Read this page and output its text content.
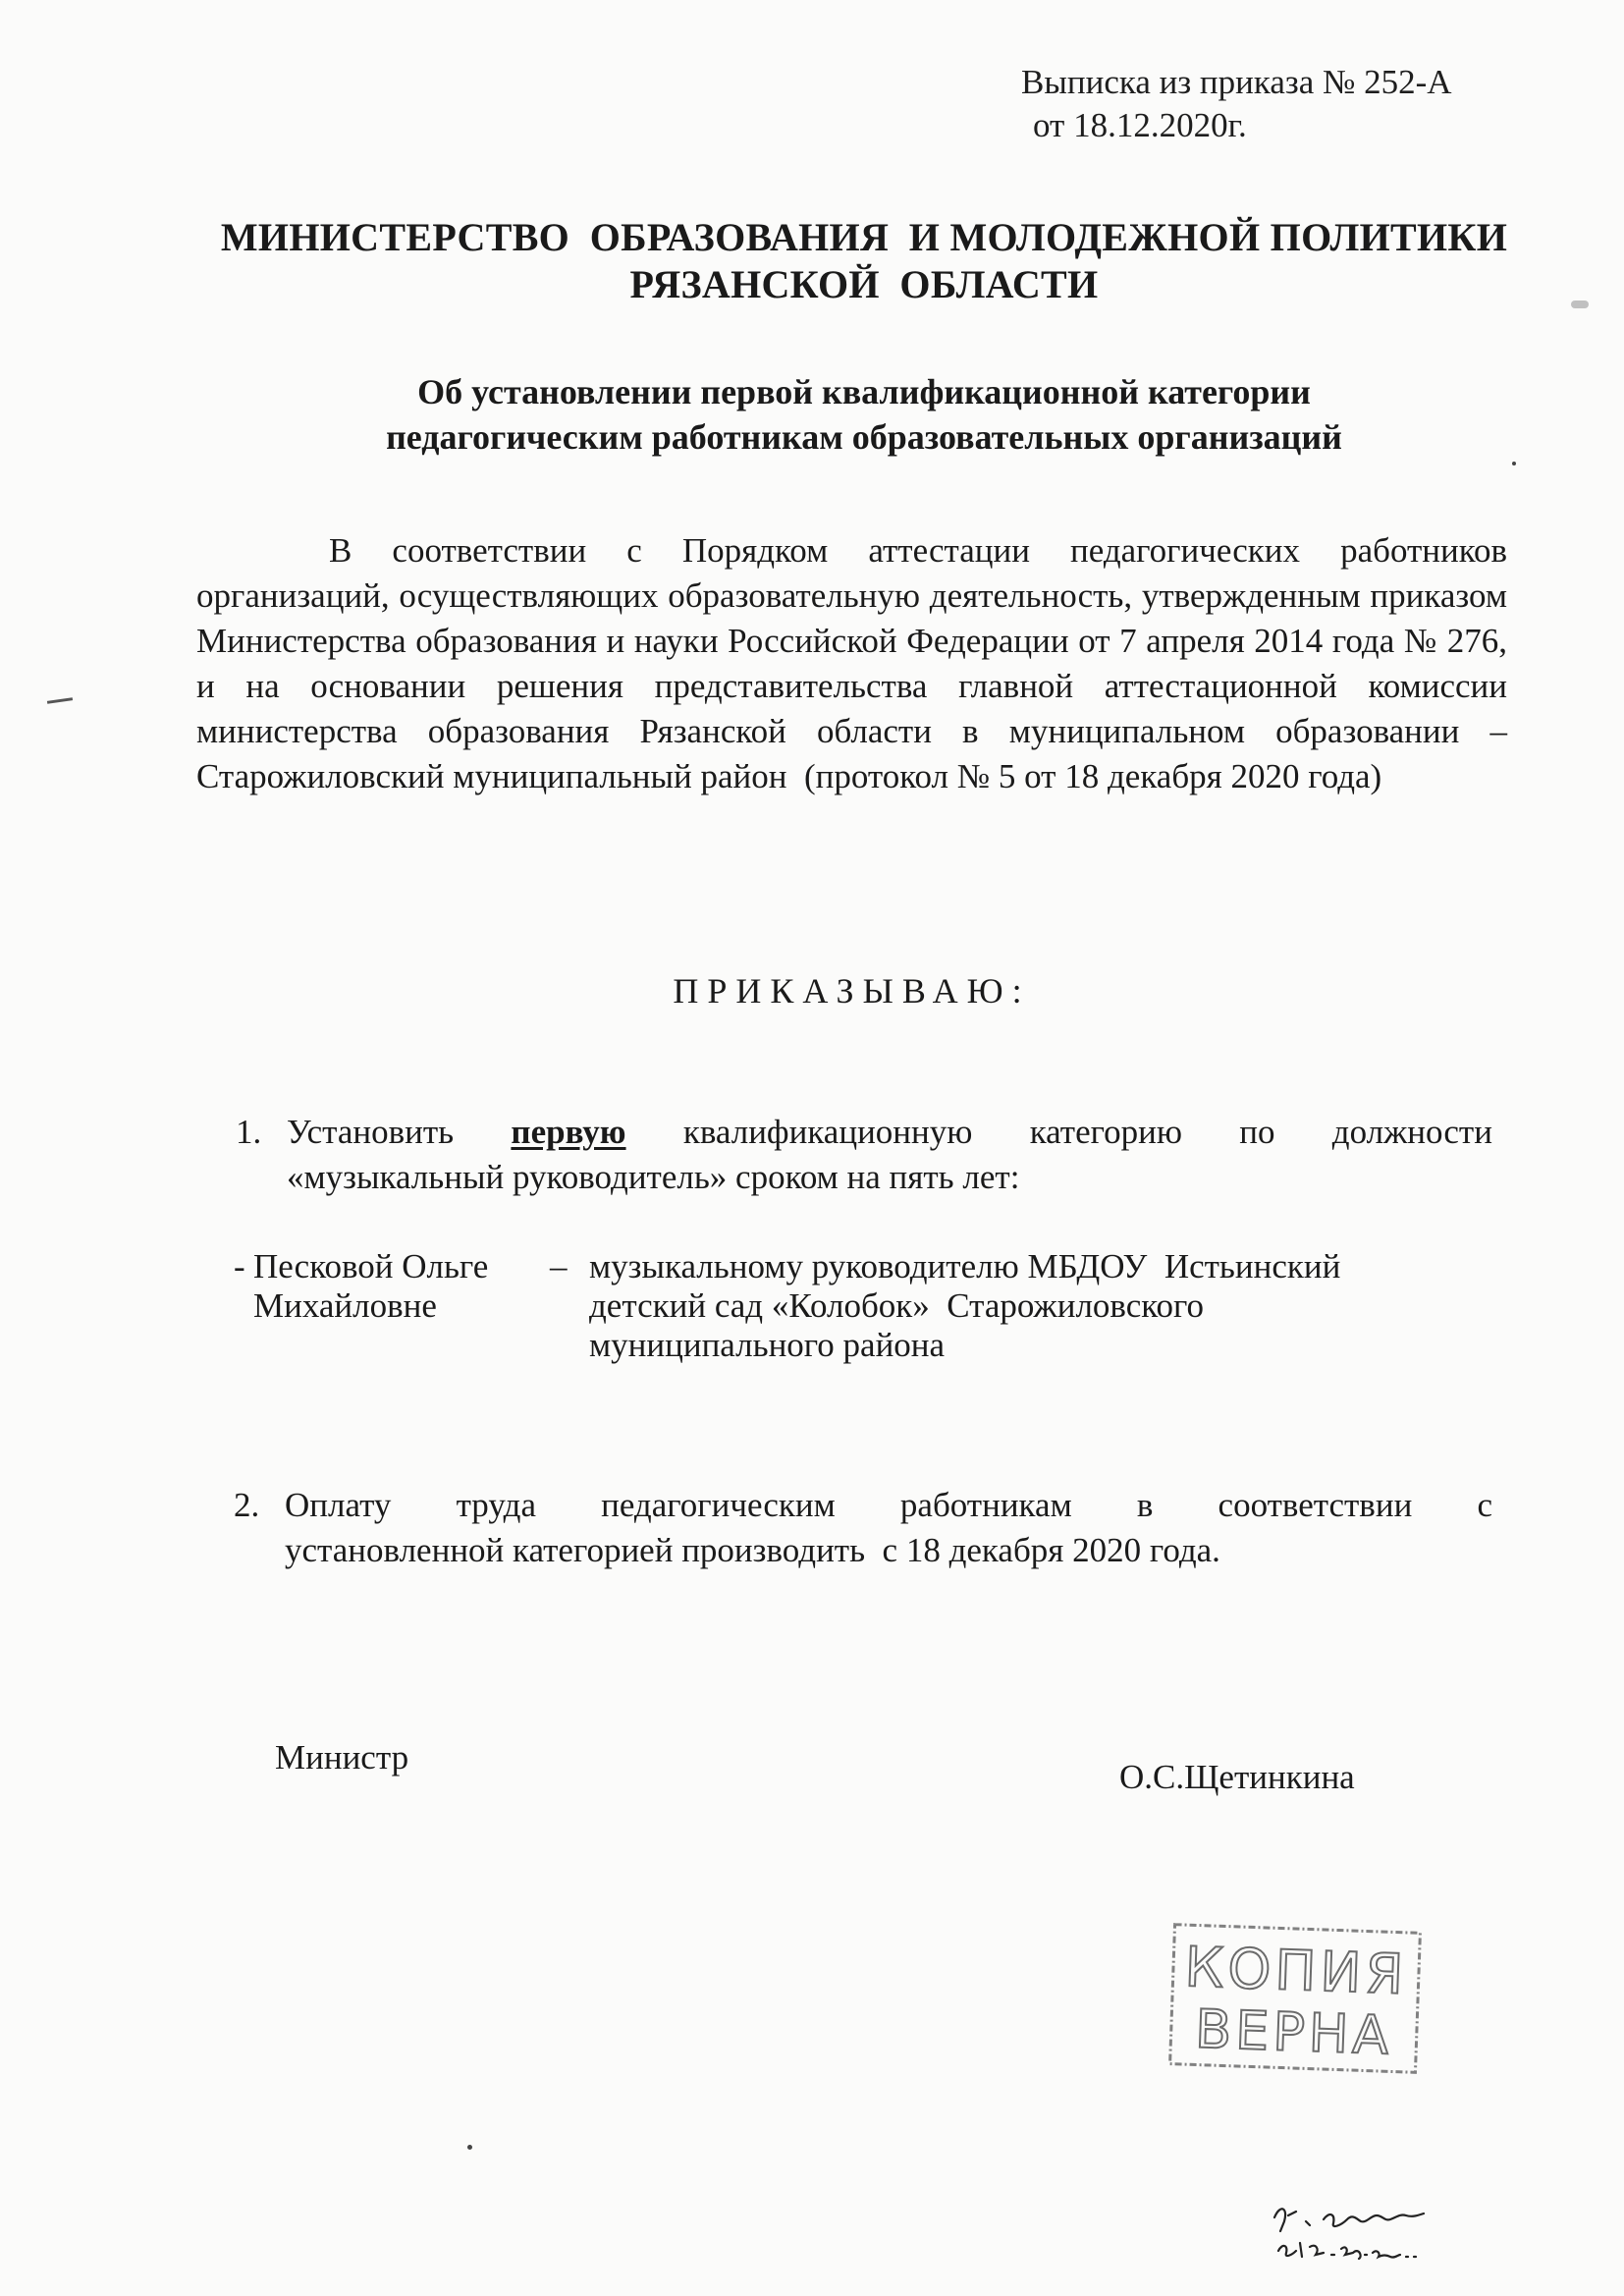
Выписка из приказа № 252-А
от 18.12.2020г.
МИНИСТЕРСТВО  ОБРАЗОВАНИЯ  И МОЛОДЕЖНОЙ ПОЛИТИКИ
РЯЗАНСКОЙ  ОБЛАСТИ
Об установлении первой квалификационной категории
педагогическим работникам образовательных организаций
В соответствии с Порядком аттестации педагогических работников организаций, осуществляющих образовательную деятельность, утвержденным приказом Министерства образования и науки Российской Федерации от 7 апреля 2014 года № 276, и на основании решения представительства главной аттестационной комиссии министерства образования Рязанской области в муниципальном образовании – Старожиловский муниципальный район  (протокол № 5 от 18 декабря 2020 года)
ПРИКАЗЫВАЮ:
1. Установить первую квалификационную категорию по должности
«музыкальный руководитель» сроком на пять лет:
- Песковой Ольге
Михайловне
– музыкальному руководителю МБДОУ  Истьинский
детский сад «Колобок»  Старожиловского
муниципального района
2. Оплату труда педагогическим работникам в соответствии с
установленной категорией производить  с 18 декабря 2020 года.
Министр
О.С.Щетинкина
КОПИЯ
ВЕРНА
